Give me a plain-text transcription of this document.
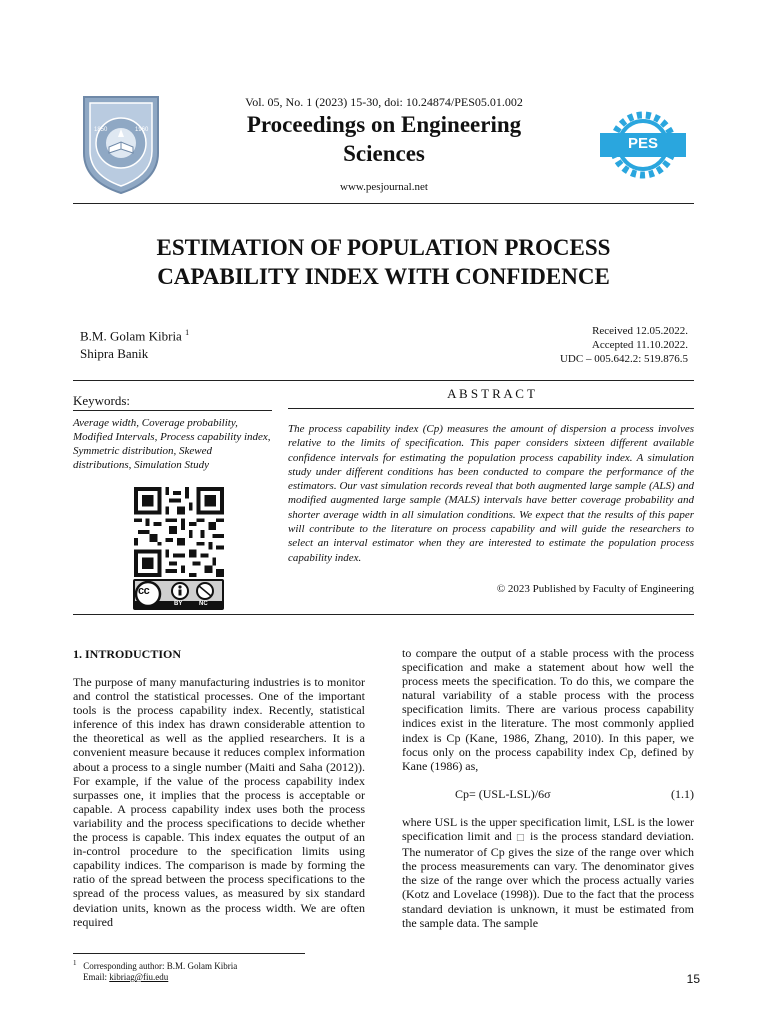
Vol. 05, No. 1 (2023) 15-30, doi: 10.24874/PES05.01.002
1850	1960	Proceedings on Engineering
Sciences
www.pesjournal.net
PES
ESTIMATION OF POPULATION PROCESS
CAPABILITY INDEX WITH CONFIDENCE
B.M. Golam Kibria $^1$
Shipra Banik
Received 12.05.2022.
Accepted 11.10.2022.
UDC – 005.642.2: 519.876.5
Keywords:
Average width, Coverage probability, Modified Intervals, Process capability index, Symmetric distribution, Skewed distributions, Simulation Study
cc
BY	NC
A B S T R A C T
The process capability index (Cp) measures the amount of dispersion a process involves relative to the limits of specification. This paper considers sixteen different available confidence intervals for estimating the population process capability index. A simulation study under different conditions has been conducted to compare the performance of the estimators. Our vast simulation records reveal that both augmented large sample (ALS) and modified augmented large sample (MALS) intervals have better coverage probability and shorter average width in all simulation conditions. We expect that the results of this paper will contribute to the literature on process capability and will guide the researchers to select an interval estimator when they are interested to estimate the population process capability index.
© 2023 Published by Faculty of Engineering
1. INTRODUCTION
The purpose of many manufacturing industries is to monitor and control the statistical processes. One of the important tools is the process capability index. Recently, statistical inference of this index has drawn considerable attention to the theoretical as well as the applied researchers. It is a convenient measure because it reduces complex information about a process to a single number (Maiti and Saha (2012)). For example, if the value of the process capability index surpasses one, it implies that the process is acceptable or capable. A process capability index uses both the process variability and the process specifications to decide whether the process is capable. This index equates the output of an in-control procedure to the specification limits using capability indices. The comparison is made by forming the ratio of the spread between the process specifications to the spread of the process values, as measured by six standard deviation units, known as the process width. We are often required
to compare the output of a stable process with the process specification and make a statement about how well the process meets the specification. To do this, we compare the natural variability of a stable process with the process specification limits. There are various process capability indices exist in the literature. The most commonly applied index is Cp (Kane, 1986, Zhang, 2010). In this paper, we focus only on the process capability index Cp, defined by Kane (1986) as,
Cp= (USL-LSL)/6σ	(1.1)
where USL is the upper specification limit, LSL is the lower specification limit and □ is the process standard deviation. The numerator of Cp gives the size of the range over which the process measurements can vary. The denominator gives the size of the range over which the process actually varies (Kotz and Lovelace (1998)). Due to the fact that the process standard deviation is unknown, it must be estimated from the sample data. The sample
$^1$ Corresponding author: B.M. Golam Kibria
Email: kibriag@fiu.edu	15
